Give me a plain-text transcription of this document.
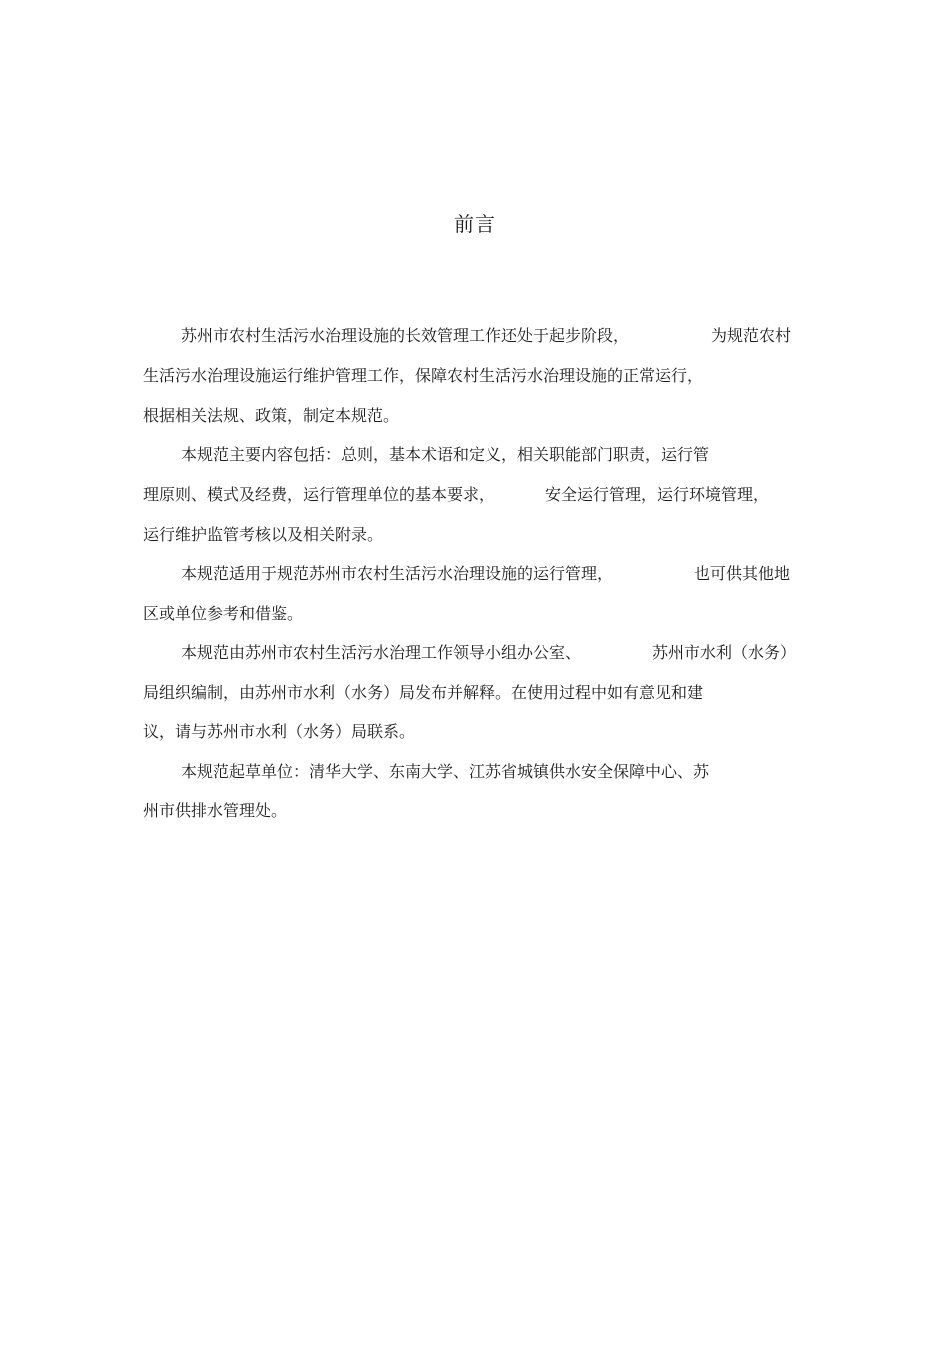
前言
苏州市农村生活污水治理设施的长效管理工作还处于起步阶段，	为规范农村
生活污水治理设施运行维护管理工作，保障农村生活污水治理设施的正常运行，
根据相关法规、政策，制定本规范。
本规范主要内容包括：总则，基本术语和定义，相关职能部门职责，运行管
理原则、模式及经费，运行管理单位的基本要求，	安全运行管理，运行环境管理，
运行维护监管考核以及相关附录。
本规范适用于规范苏州市农村生活污水治理设施的运行管理，	也可供其他地
区或单位参考和借鉴。
本规范由苏州市农村生活污水治理工作领导小组办公室、	苏州市水利（水务）
局组织编制，由苏州市水利（水务）局发布并解释。在使用过程中如有意见和建
议，请与苏州市水利（水务）局联系。
本规范起草单位：清华大学、东南大学、江苏省城镇供水安全保障中心、苏
州市供排水管理处。
